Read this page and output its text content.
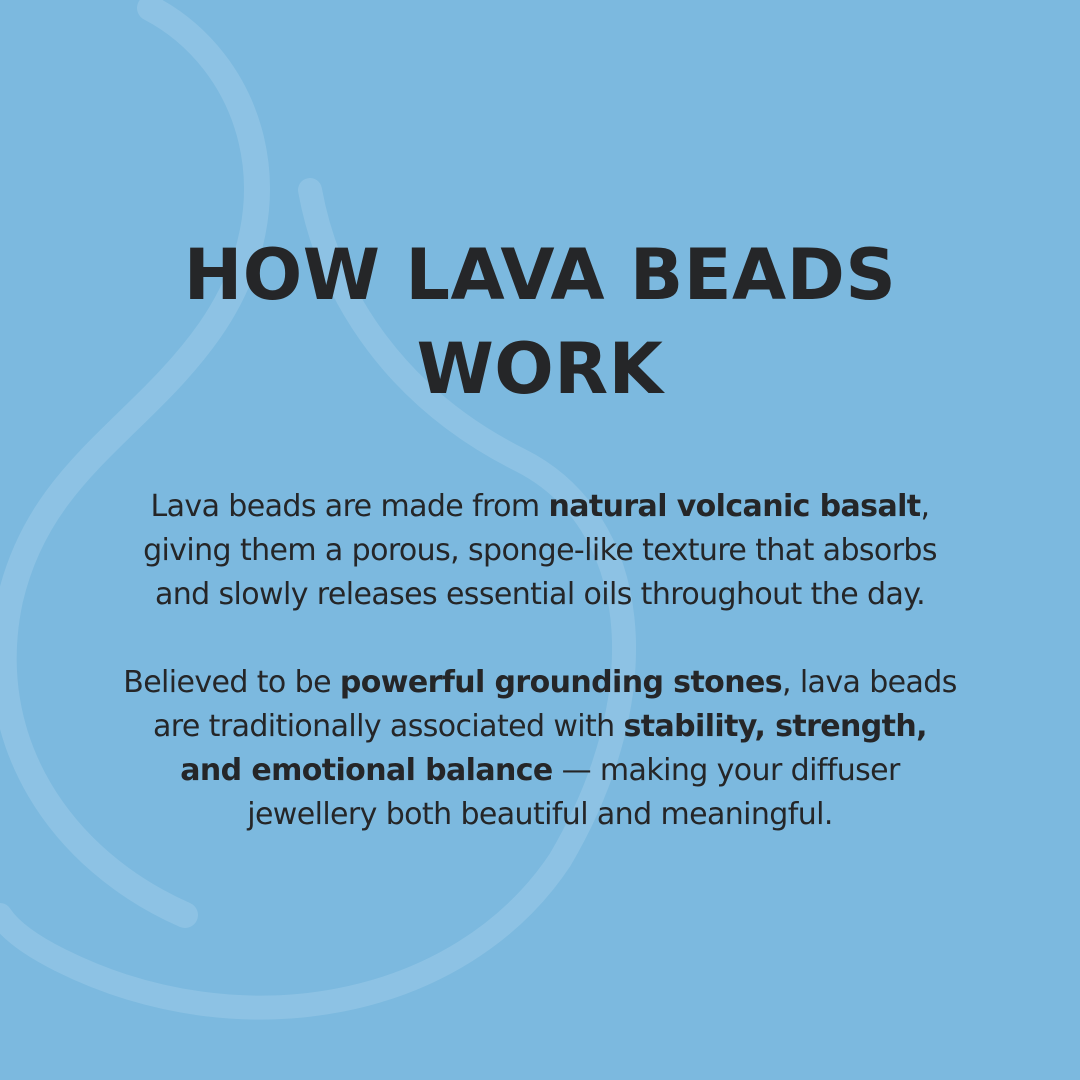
HOW LAVA BEADS
WORK

Lava beads are made from natural volcanic basalt,
giving them a porous, sponge-like texture that absorbs
and slowly releases essential oils throughout the day.

Believed to be powerful grounding stones, lava beads
are traditionally associated with stability, strength,
and emotional balance — making your diffuser
jewellery both beautiful and meaningful.
